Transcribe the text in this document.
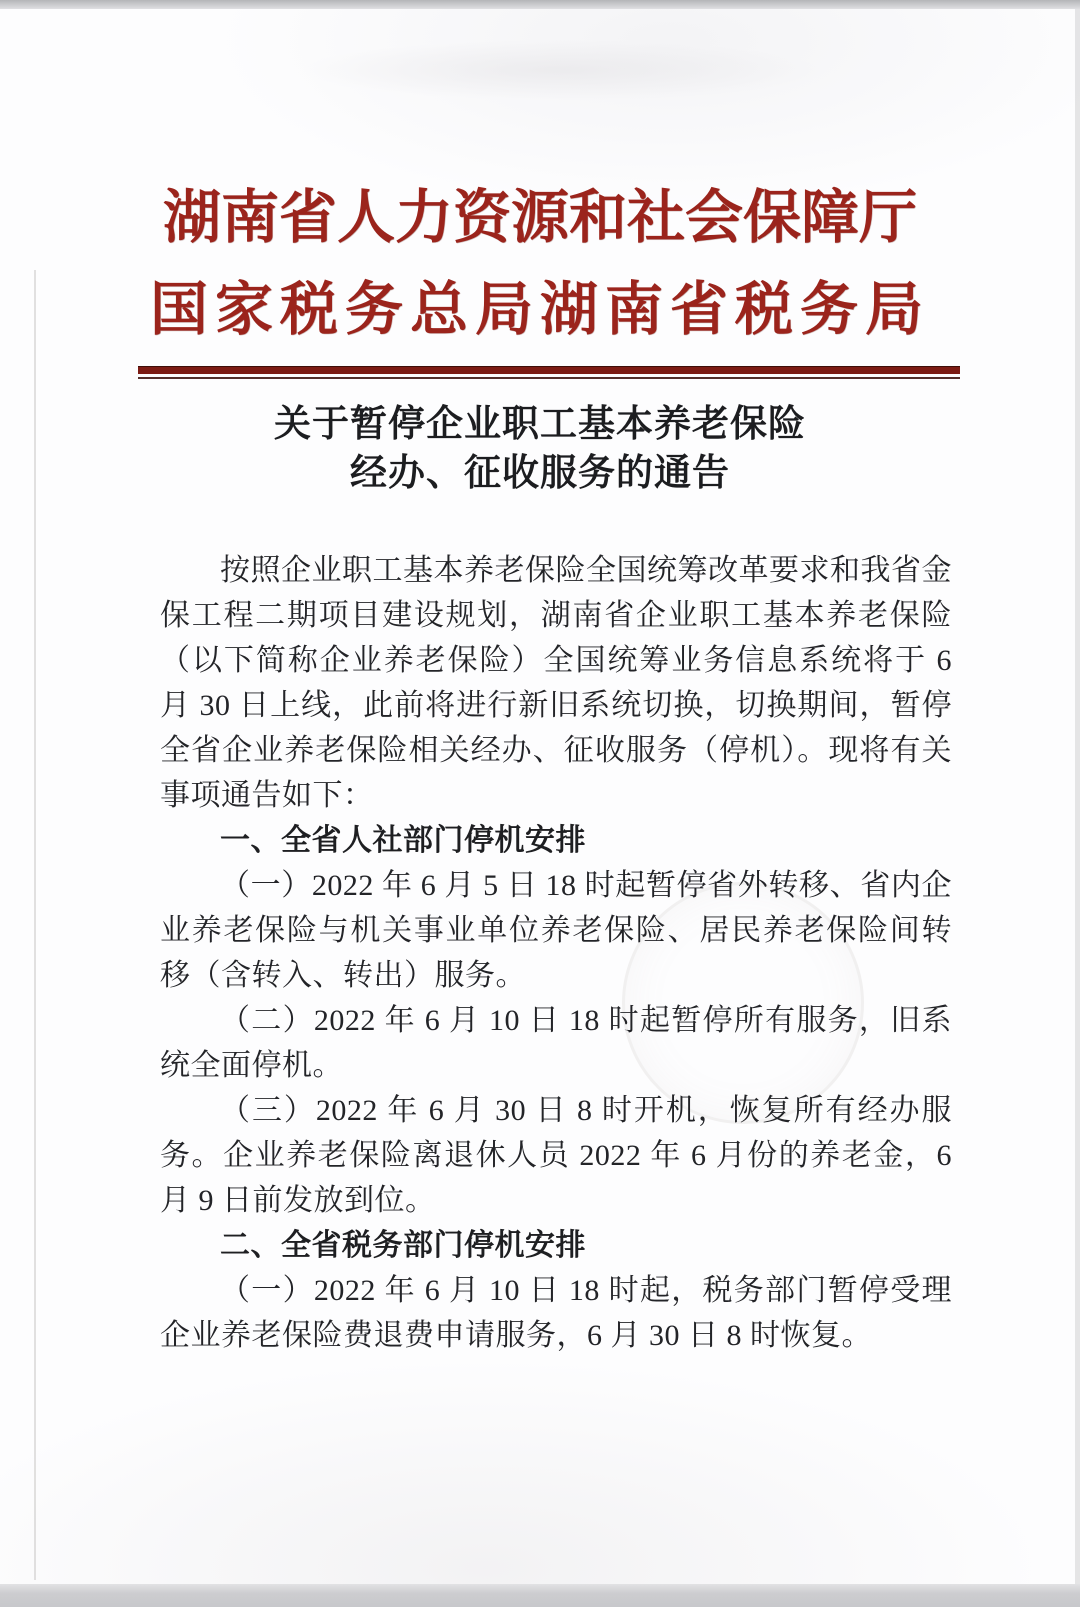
湖南省人力资源和社会保障厅
国家税务总局湖南省税务局
关于暂停企业职工基本养老保险
经办、征收服务的通告

按照企业职工基本养老保险全国统筹改革要求和我省金保工程二期项目建设规划，湖南省企业职工基本养老保险（以下简称企业养老保险）全国统筹业务信息系统将于 6 月 30 日上线，此前将进行新旧系统切换，切换期间，暂停全省企业养老保险相关经办、征收服务（停机）。现将有关事项通告如下：

一、全省人社部门停机安排

（一）2022 年 6 月 5 日 18 时起暂停省外转移、省内企业养老保险与机关事业单位养老保险、居民养老保险间转移（含转入、转出）服务。

（二）2022 年 6 月 10 日 18 时起暂停所有服务，旧系统全面停机。

（三）2022 年 6 月 30 日 8 时开机，恢复所有经办服务。企业养老保险离退休人员 2022 年 6 月份的养老金，6 月 9 日前发放到位。

二、全省税务部门停机安排

（一）2022 年 6 月 10 日 18 时起，税务部门暂停受理企业养老保险费退费申请服务，6 月 30 日 8 时恢复。
